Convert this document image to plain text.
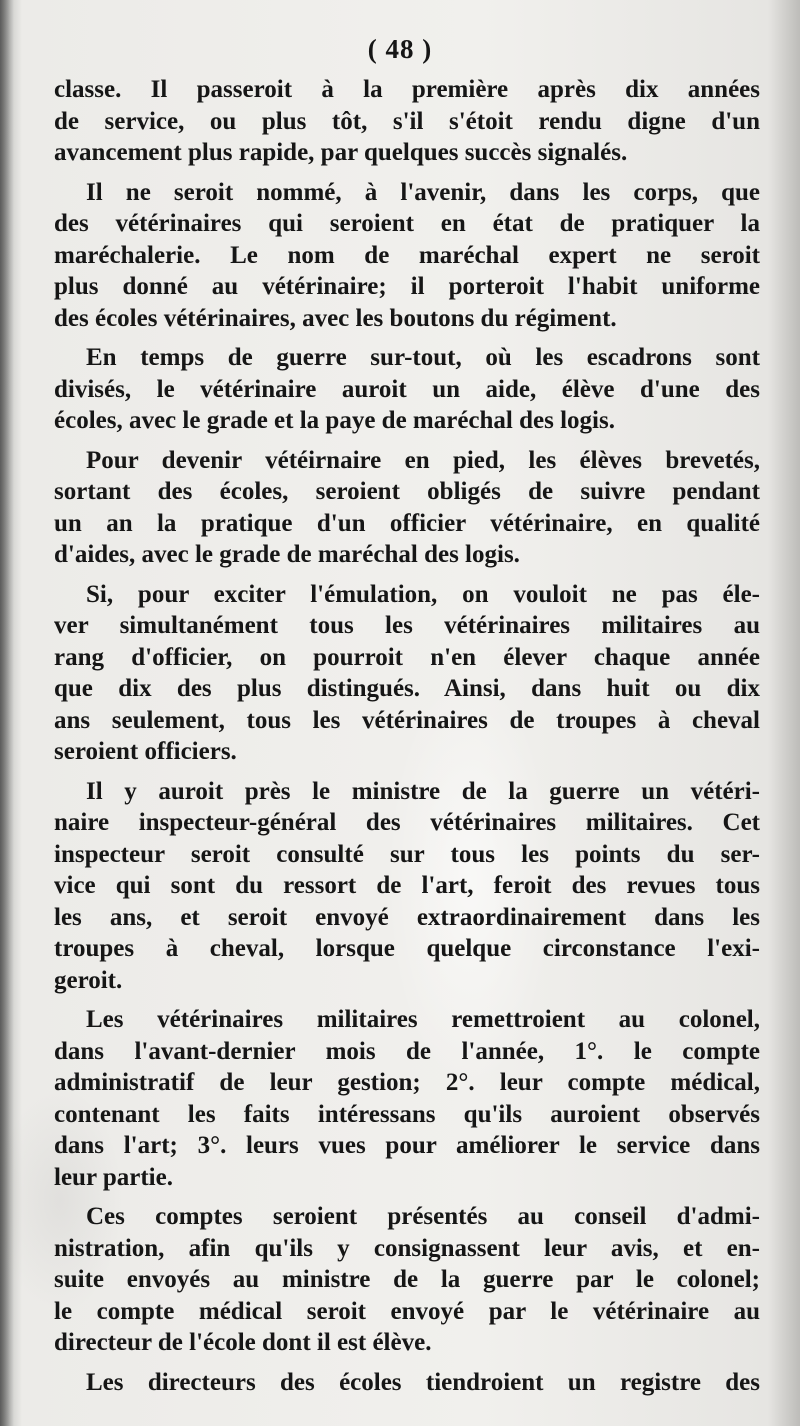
( 48 )
classe. Il passeroit à la première après dix années
de service, ou plus tôt, s'il s'étoit rendu digne d'un
avancement plus rapide, par quelques succès signalés.
Il ne seroit nommé, à l'avenir, dans les corps, que
des vétérinaires qui seroient en état de pratiquer la
maréchalerie. Le nom de maréchal expert ne seroit
plus donné au vétérinaire; il porteroit l'habit uniforme
des écoles vétérinaires, avec les boutons du régiment.
En temps de guerre sur-tout, où les escadrons sont
divisés, le vétérinaire auroit un aide, élève d'une des
écoles, avec le grade et la paye de maréchal des logis.
Pour devenir vétéirnaire en pied, les élèves brevetés,
sortant des écoles, seroient obligés de suivre pendant
un an la pratique d'un officier vétérinaire, en qualité
d'aides, avec le grade de maréchal des logis.
Si, pour exciter l'émulation, on vouloit ne pas éle-
ver simultanément tous les vétérinaires militaires au
rang d'officier, on pourroit n'en élever chaque année
que dix des plus distingués. Ainsi, dans huit ou dix
ans seulement, tous les vétérinaires de troupes à cheval
seroient officiers.
Il y auroit près le ministre de la guerre un vétéri-
naire inspecteur-général des vétérinaires militaires. Cet
inspecteur seroit consulté sur tous les points du ser-
vice qui sont du ressort de l'art, feroit des revues tous
les ans, et seroit envoyé extraordinairement dans les
troupes à cheval, lorsque quelque circonstance l'exi-
geroit.
Les vétérinaires militaires remettroient au colonel,
dans l'avant-dernier mois de l'année, 1°. le compte
administratif de leur gestion; 2°. leur compte médical,
contenant les faits intéressans qu'ils auroient observés
dans l'art; 3°. leurs vues pour améliorer le service dans
leur partie.
Ces comptes seroient présentés au conseil d'admi-
nistration, afin qu'ils y consignassent leur avis, et en-
suite envoyés au ministre de la guerre par le colonel;
le compte médical seroit envoyé par le vétérinaire au
directeur de l'école dont il est élève.
Les directeurs des écoles tiendroient un registre des
